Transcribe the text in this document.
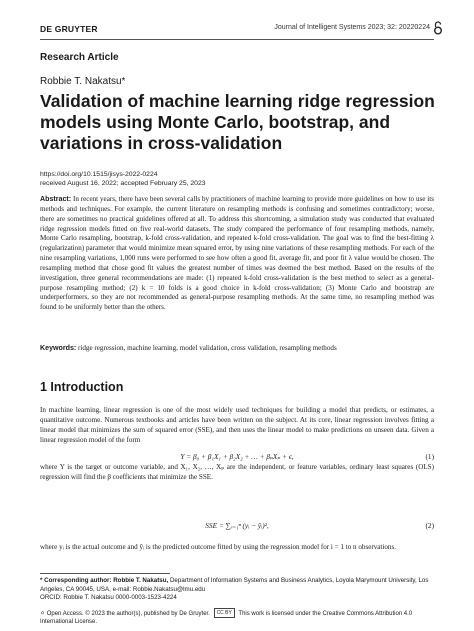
DE GRUYTER	Journal of Intelligent Systems 2023; 32: 20220224
Research Article
Robbie T. Nakatsu*
Validation of machine learning ridge regression models using Monte Carlo, bootstrap, and variations in cross-validation
https://doi.org/10.1515/jisys-2022-0224
received August 16, 2022; accepted February 25, 2023

Abstract: In recent years, there have been several calls by practitioners of machine learning to provide more guidelines on how to use its methods and techniques. For example, the current literature on resampling methods is confusing and sometimes contradictory; worse, there are sometimes no practical guidelines offered at all. To address this shortcoming, a simulation study was conducted that evaluated ridge regression models fitted on five real-world datasets. The study compared the performance of four resampling methods, namely, Monte Carlo resampling, bootstrap, k-fold cross-validation, and repeated k-fold cross-validation. The goal was to find the best-fitting λ (regularization) parameter that would minimize mean squared error, by using nine variations of these resampling methods. For each of the nine resampling variations, 1,000 runs were performed to see how often a good fit, average fit, and poor fit λ value would be chosen. The resampling method that chose good fit values the greatest number of times was deemed the best method. Based on the results of the investigation, three general recommendations are made: (1) repeated k-fold cross-validation is the best method to select as a general-purpose resampling method; (2) k = 10 folds is a good choice in k-fold cross-validation; (3) Monte Carlo and bootstrap are underperformers, so they are not recommended as general-purpose resampling methods. At the same time, no resampling method was found to be uniformly better than the others.

Keywords: ridge regression, machine learning, model validation, cross validation, resampling methods

1 Introduction

In machine learning, linear regression is one of the most widely used techniques for building a model that predicts, or estimates, a quantitative outcome. Numerous textbooks and articles have been written on the subject. At its core, linear regression involves fitting a linear model that minimizes the sum of squared error (SSE), and then uses the linear model to make predictions on unseen data. Given a linear regression model of the form

Y = β₀ + β₁X₁ + β₂X₂ + … + βₚXₚ + ϵ,	(1)

where Y is the target or outcome variable, and X₁, X₂, …, Xₚ are the independent, or feature variables, ordinary least squares (OLS) regression will find the β coefficients that minimize the SSE.

SSE = ∑ᵢ₌₁ⁿ (yᵢ − ŷᵢ)²,	(2)

where yᵢ is the actual outcome and ŷᵢ is the predicted outcome fitted by using the regression model for i = 1 to n observations.

* Corresponding author: Robbie T. Nakatsu, Department of Information Systems and Business Analytics, Loyola Marymount University, Los Angeles, CA 90045, USA, e-mail: Robbie.Nakatsu@lmu.edu
ORCID: Robbie T. Nakatsu 0000-0003-1523-4224

⚪ Open Access. © 2023 the author(s), published by De Gruyter. CC BY This work is licensed under the Creative Commons Attribution 4.0 International License.
